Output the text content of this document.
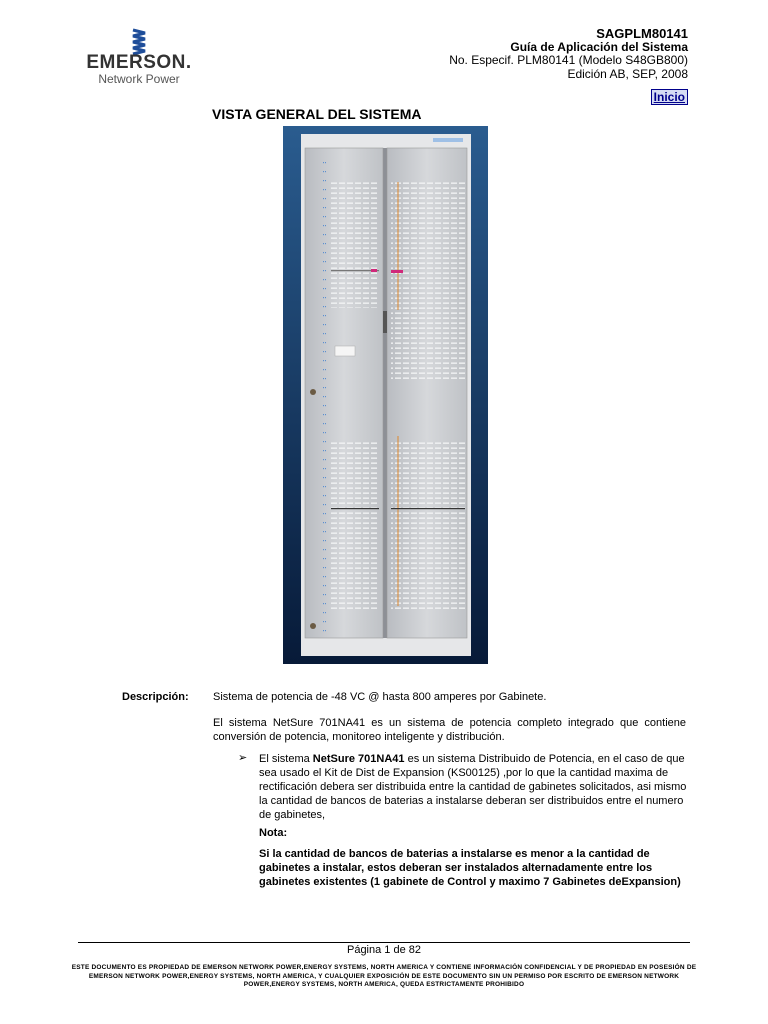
EMERSON.
Network Power
SAGPLM80141
Guía de Aplicación del Sistema
No. Especif. PLM80141 (Modelo S48GB800)
Edición AB, SEP, 2008
Inicio
VISTA GENERAL DEL SISTEMA
Descripción: Sistema de potencia de -48 VC @ hasta 800 amperes por Gabinete.
El sistema NetSure 701NA41 es un sistema de potencia completo integrado que contiene conversión de potencia, monitoreo inteligente y distribución.
➢ El sistema NetSure 701NA41 es un sistema Distribuido de Potencia, en el caso de que sea usado el Kit de Dist de Expansion (KS00125) ,por lo que la cantidad maxima de rectificación debera ser distribuida entre la cantidad de gabinetes solicitados, asi mismo la cantidad de bancos de baterias a instalarse deberan ser distribuidos entre el numero de gabinetes,
Nota:
Si la cantidad de bancos de baterias a instalarse es menor a la cantidad de gabinetes a instalar, estos deberan ser instalados alternadamente entre los gabinetes existentes (1 gabinete de Control y maximo 7 Gabinetes deExpansion)
Página 1 de 82
ESTE DOCUMENTO ES PROPIEDAD DE EMERSON NETWORK POWER,ENERGY SYSTEMS, NORTH AMERICA Y CONTIENE INFORMACIÓN CONFIDENCIAL Y DE PROPIEDAD EN POSESIÓN DE EMERSON NETWORK POWER,ENERGY SYSTEMS, NORTH AMERICA, Y CUALQUIER EXPOSICIÓN DE ESTE DOCUMENTO SIN UN PERMISO POR ESCRITO DE EMERSON NETWORK POWER,ENERGY SYSTEMS, NORTH AMERICA, QUEDA ESTRICTAMENTE PROHIBIDO
